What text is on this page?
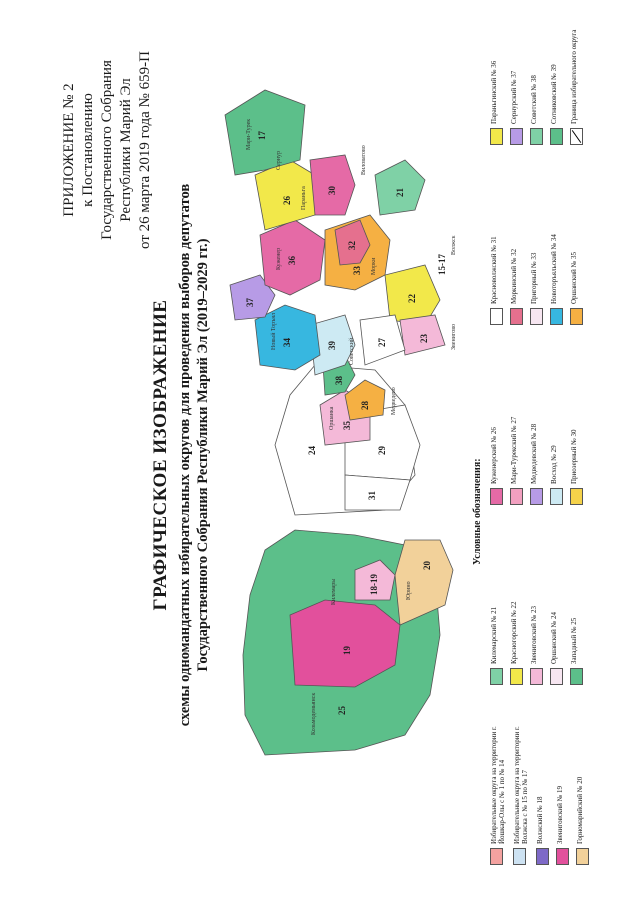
ПРИЛОЖЕНИЕ № 2 к Постановлению Государственного Собрания Республики Марий Эл от 26 марта 2019 года № 659-П
ГРАФИЧЕСКОЕ ИЗОБРАЖЕНИЕ схемы одномандатных избирательных округов для проведения выборов депутатов Государственного Собрания Республики Марий Эл (2019–2029 гг.)
25
19
20
18-19
24	29
31
35
28
38
39
34
37
36
33
32
26
17
30	21
22
23
27
15-17
Звенигово
Волжск
Юрино
Килемары
Медведево
Оршанка
Сернур
Мари-Турек
Новый Торъял
Куженер
Советский
Морки
Параньга
Козьмодемьянск
Виловатово
Условные обозначения:
Избирательные округа на территории г. Йошкар-Олы с № 1 по № 14 Избирательные округа на территории г. Волжска с № 15 по № 17 Волжский № 18 Звениговский № 19 Горномарийский № 20
Килемарский № 21 Красногорский № 22 Звениговский № 23 Оршанский № 24 Западный № 25
Куженерский № 26 Мари-Турекский № 27 Медведевский № 28 Восход № 29 Приозерный № 30
Красноволжский № 31 Моркинский № 32 Пригорный № 33 Новоторъяльский № 34 Оршанский № 35
Параньгинский № 36 Сернурский № 37 Советский № 38 Сотниковский № 39 Граница избирательного округа
